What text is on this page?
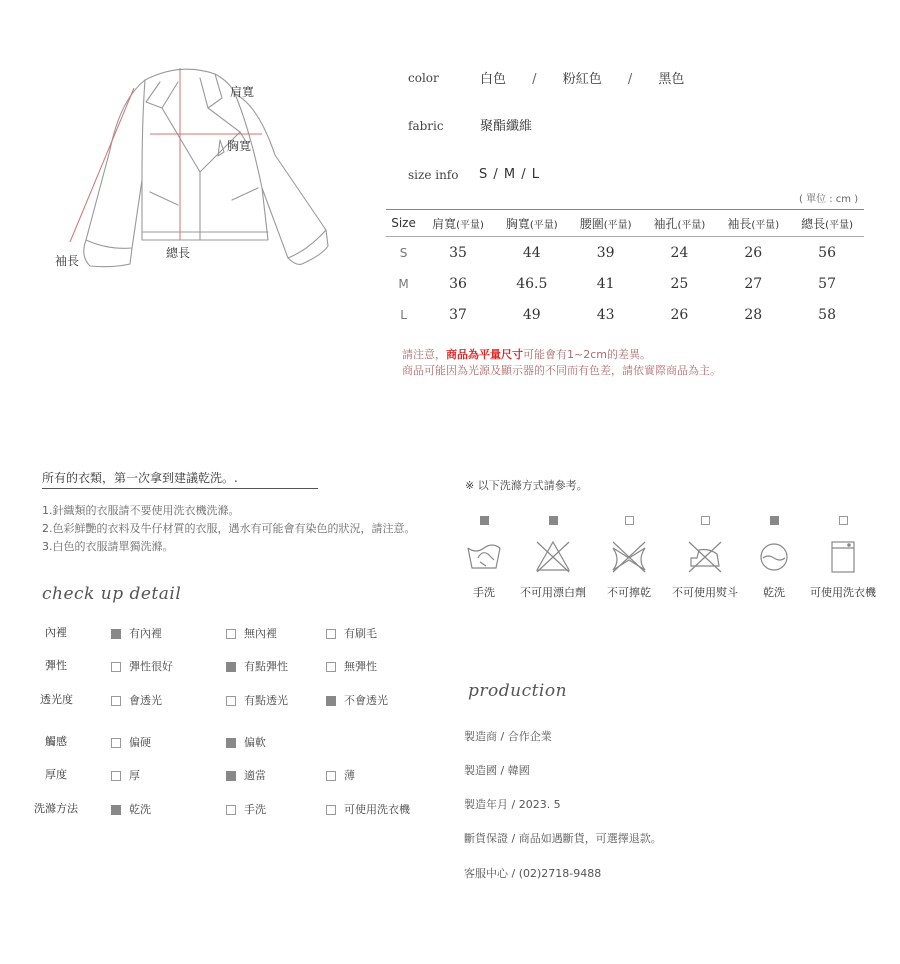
肩寬
胸寬
袖長
總長
color	白色 / 粉紅色 / 黑色
fabric	聚酯纖維
size info S / M / L
( 單位 : cm )
Size	肩寬(平量)	胸寬(平量)	腰圍(平量)	袖孔(平量)	袖長(平量)	總長(平量)
S	35	44	39	24	26	56
M	36	46.5	41	25	27	57
L	37	49	43	26	28	58
請注意，商品為平量尺寸可能會有1~2cm的差異。
商品可能因為光源及顯示器的不同而有色差，請依實際商品為主。
所有的衣類，第一次拿到建議乾洗。.
1.針織類的衣服請不要使用洗衣機洗滌。
2.色彩鮮艷的衣料及牛仔材質的衣服，遇水有可能會有染色的狀況，請注意。
3.白色的衣服請單獨洗滌。
check up detail
內裡	有內裡	無內裡	有刷毛
彈性	彈性很好	有點彈性	無彈性
透光度	會透光	有點透光	不會透光
觸感	偏硬	偏軟
厚度	厚	適當	薄
洗滌方法	乾洗	手洗	可使用洗衣機
※ 以下洗滌方式請參考。
手洗	不可用漂白劑	不可擰乾	不可使用熨斗	乾洗	可使用洗衣機
production
製造商 / 合作企業
製造國 / 韓國
製造年月 / 2023. 5
斷貨保證 / 商品如遇斷貨，可選擇退款。
客服中心 / (02)2718-9488
